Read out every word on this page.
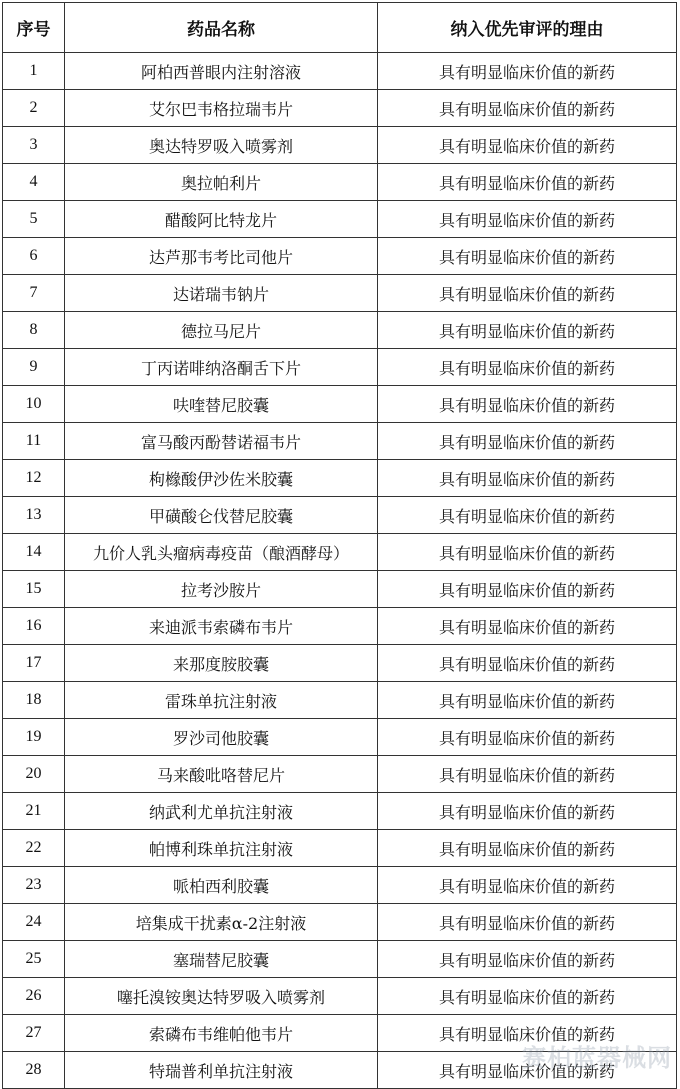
序号	药品名称	纳入优先审评的理由
1	阿柏西普眼内注射溶液	具有明显临床价值的新药
2	艾尔巴韦格拉瑞韦片	具有明显临床价值的新药
3	奥达特罗吸入喷雾剂	具有明显临床价值的新药
4	奥拉帕利片	具有明显临床价值的新药
5	醋酸阿比特龙片	具有明显临床价值的新药
6	达芦那韦考比司他片	具有明显临床价值的新药
7	达诺瑞韦钠片	具有明显临床价值的新药
8	德拉马尼片	具有明显临床价值的新药
9	丁丙诺啡纳洛酮舌下片	具有明显临床价值的新药
10	呋喹替尼胶囊	具有明显临床价值的新药
11	富马酸丙酚替诺福韦片	具有明显临床价值的新药
12	枸橼酸伊沙佐米胶囊	具有明显临床价值的新药
13	甲磺酸仑伐替尼胶囊	具有明显临床价值的新药
14	九价人乳头瘤病毒疫苗（酿酒酵母）	具有明显临床价值的新药
15	拉考沙胺片	具有明显临床价值的新药
16	来迪派韦索磷布韦片	具有明显临床价值的新药
17	来那度胺胶囊	具有明显临床价值的新药
18	雷珠单抗注射液	具有明显临床价值的新药
19	罗沙司他胶囊	具有明显临床价值的新药
20	马来酸吡咯替尼片	具有明显临床价值的新药
21	纳武利尤单抗注射液	具有明显临床价值的新药
22	帕博利珠单抗注射液	具有明显临床价值的新药
23	哌柏西利胶囊	具有明显临床价值的新药
24	培集成干扰素α-2注射液	具有明显临床价值的新药
25	塞瑞替尼胶囊	具有明显临床价值的新药
26	噻托溴铵奥达特罗吸入喷雾剂	具有明显临床价值的新药
27	索磷布韦维帕他韦片	具有明显临床价值的新药
28	特瑞普利单抗注射液	具有明显临床价值的新药
赛柏蓝器械网
